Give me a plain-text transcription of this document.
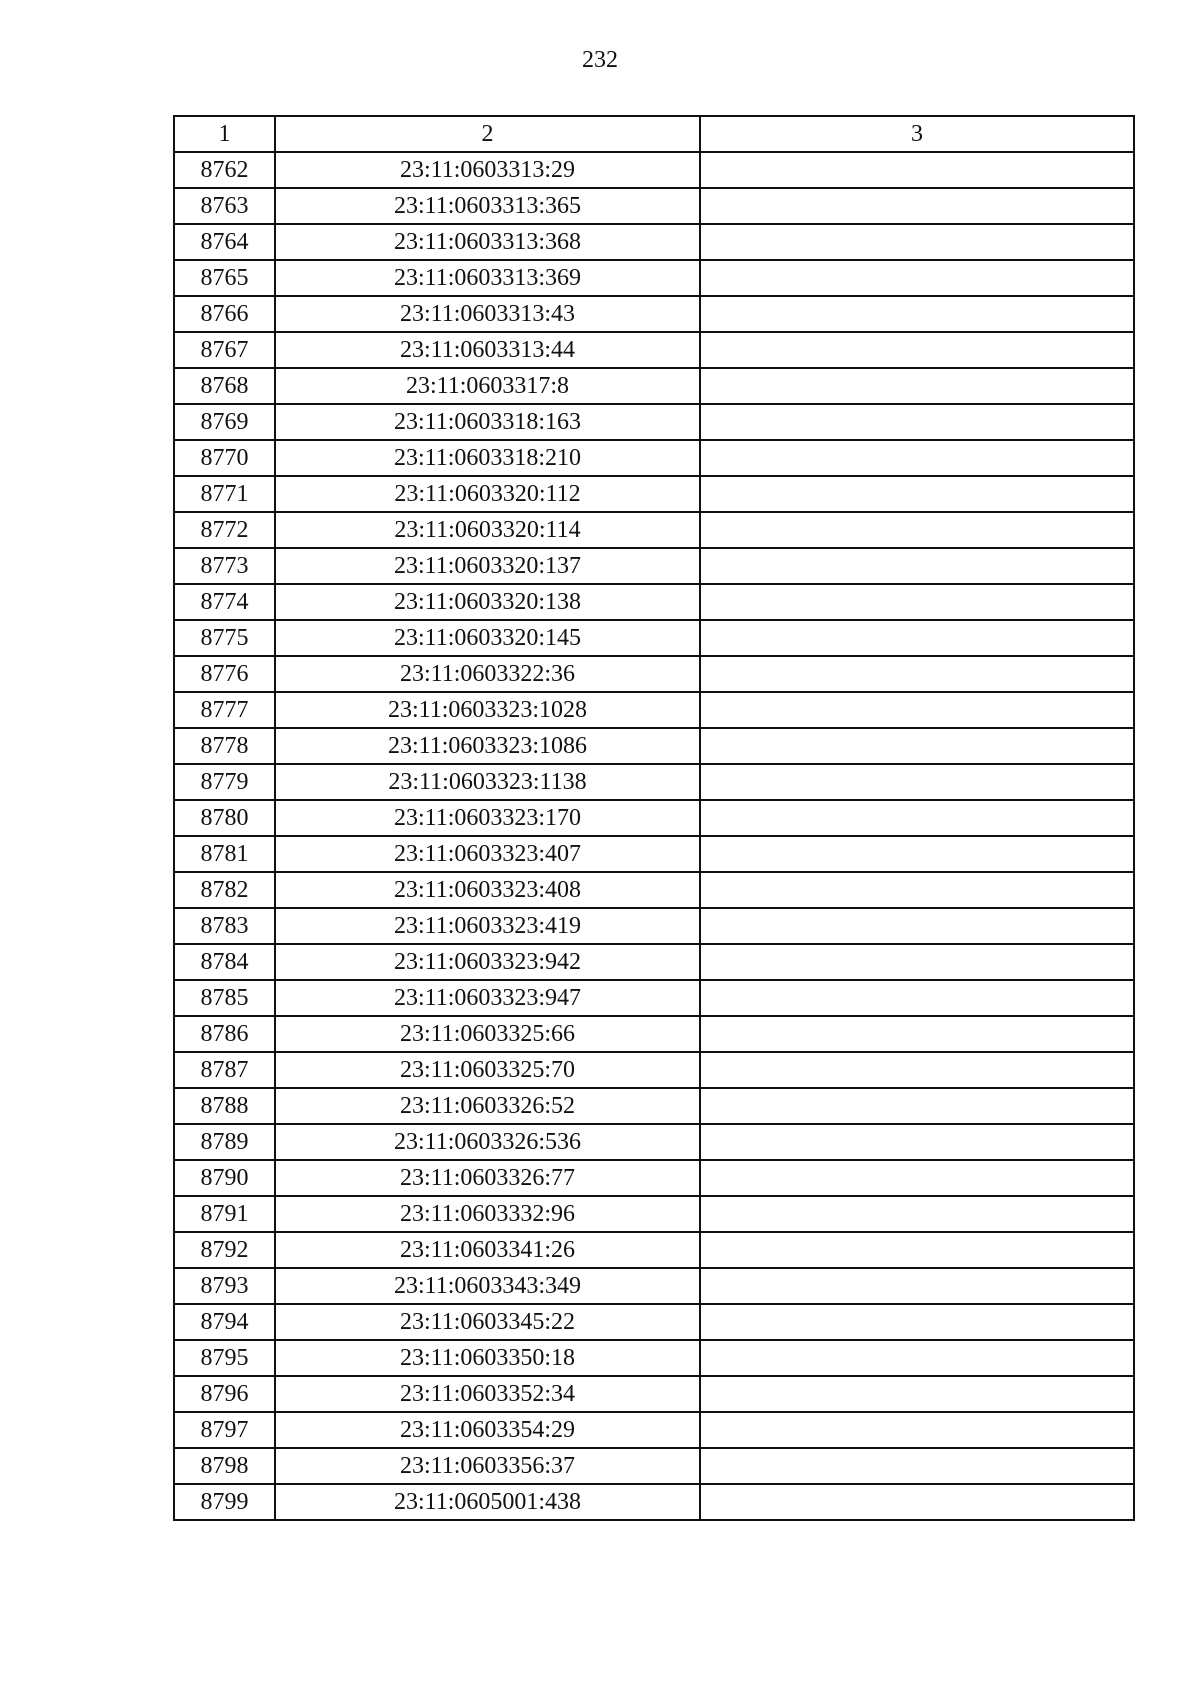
232
1	2	3
8762	23:11:0603313:29	
8763	23:11:0603313:365	
8764	23:11:0603313:368	
8765	23:11:0603313:369	
8766	23:11:0603313:43	
8767	23:11:0603313:44	
8768	23:11:0603317:8	
8769	23:11:0603318:163	
8770	23:11:0603318:210	
8771	23:11:0603320:112	
8772	23:11:0603320:114	
8773	23:11:0603320:137	
8774	23:11:0603320:138	
8775	23:11:0603320:145	
8776	23:11:0603322:36	
8777	23:11:0603323:1028	
8778	23:11:0603323:1086	
8779	23:11:0603323:1138	
8780	23:11:0603323:170	
8781	23:11:0603323:407	
8782	23:11:0603323:408	
8783	23:11:0603323:419	
8784	23:11:0603323:942	
8785	23:11:0603323:947	
8786	23:11:0603325:66	
8787	23:11:0603325:70	
8788	23:11:0603326:52	
8789	23:11:0603326:536	
8790	23:11:0603326:77	
8791	23:11:0603332:96	
8792	23:11:0603341:26	
8793	23:11:0603343:349	
8794	23:11:0603345:22	
8795	23:11:0603350:18	
8796	23:11:0603352:34	
8797	23:11:0603354:29	
8798	23:11:0603356:37	
8799	23:11:0605001:438	
